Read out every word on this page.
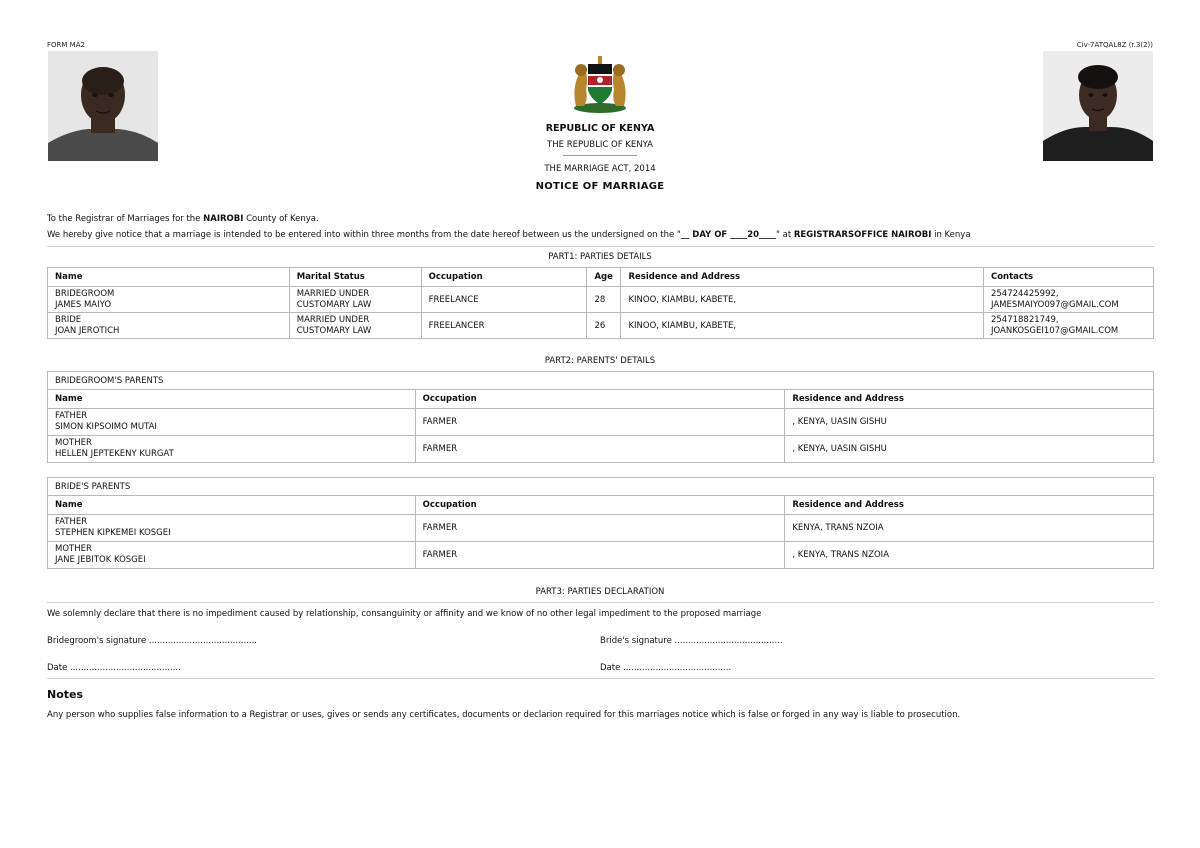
FORM MA2	Civ-7ATQAL8Z (r.3(2))
REPUBLIC OF KENYA
THE REPUBLIC OF KENYA
THE MARRIAGE ACT, 2014
NOTICE OF MARRIAGE
To the Registrar of Marriages for the NAIROBI County of Kenya.
We hereby give notice that a marriage is intended to be entered into within three months from the date hereof between us the undersigned on the "__ DAY OF ____20____" at REGISTRARSOFFICE NAIROBI in Kenya
PART1: PARTIES DETAILS
Name	Marital Status	Occupation	Age	Residence and Address	Contacts
BRIDEGROOM
JAMES MAIYO	MARRIED UNDER
CUSTOMARY LAW	FREELANCE	28	KINOO, KIAMBU, KABETE,	254724425992,
JAMESMAIYO097@GMAIL.COM
BRIDE
JOAN JEROTICH	MARRIED UNDER
CUSTOMARY LAW	FREELANCER	26	KINOO, KIAMBU, KABETE,	254718821749,
JOANKOSGEI107@GMAIL.COM
PART2: PARENTS' DETAILS
BRIDEGROOM'S PARENTS		
Name	Occupation	Residence and Address
FATHER
SIMON KIPSOIMO MUTAI	FARMER	, KENYA, UASIN GISHU
MOTHER
HELLEN JEPTEKENY KURGAT	FARMER	, KENYA, UASIN GISHU
BRIDE'S PARENTS		
Name	Occupation	Residence and Address
FATHER
STEPHEN KIPKEMEI KOSGEI	FARMER	KENYA, TRANS NZOIA
MOTHER
JANE JEBITOK KOSGEI	FARMER	, KENYA, TRANS NZOIA
PART3: PARTIES DECLARATION
We solemnly declare that there is no impediment caused by relationship, consanguinity or affinity and we know of no other legal impediment to the proposed marriage
Bridegroom's signature ........................................	Bride's signature ........................................
Date .........................................	Date ........................................
Notes
Any person who supplies false information to a Registrar or uses, gives or sends any certificates, documents or declarion required for this marriages notice which is false or forged in any way is liable to prosecution.
